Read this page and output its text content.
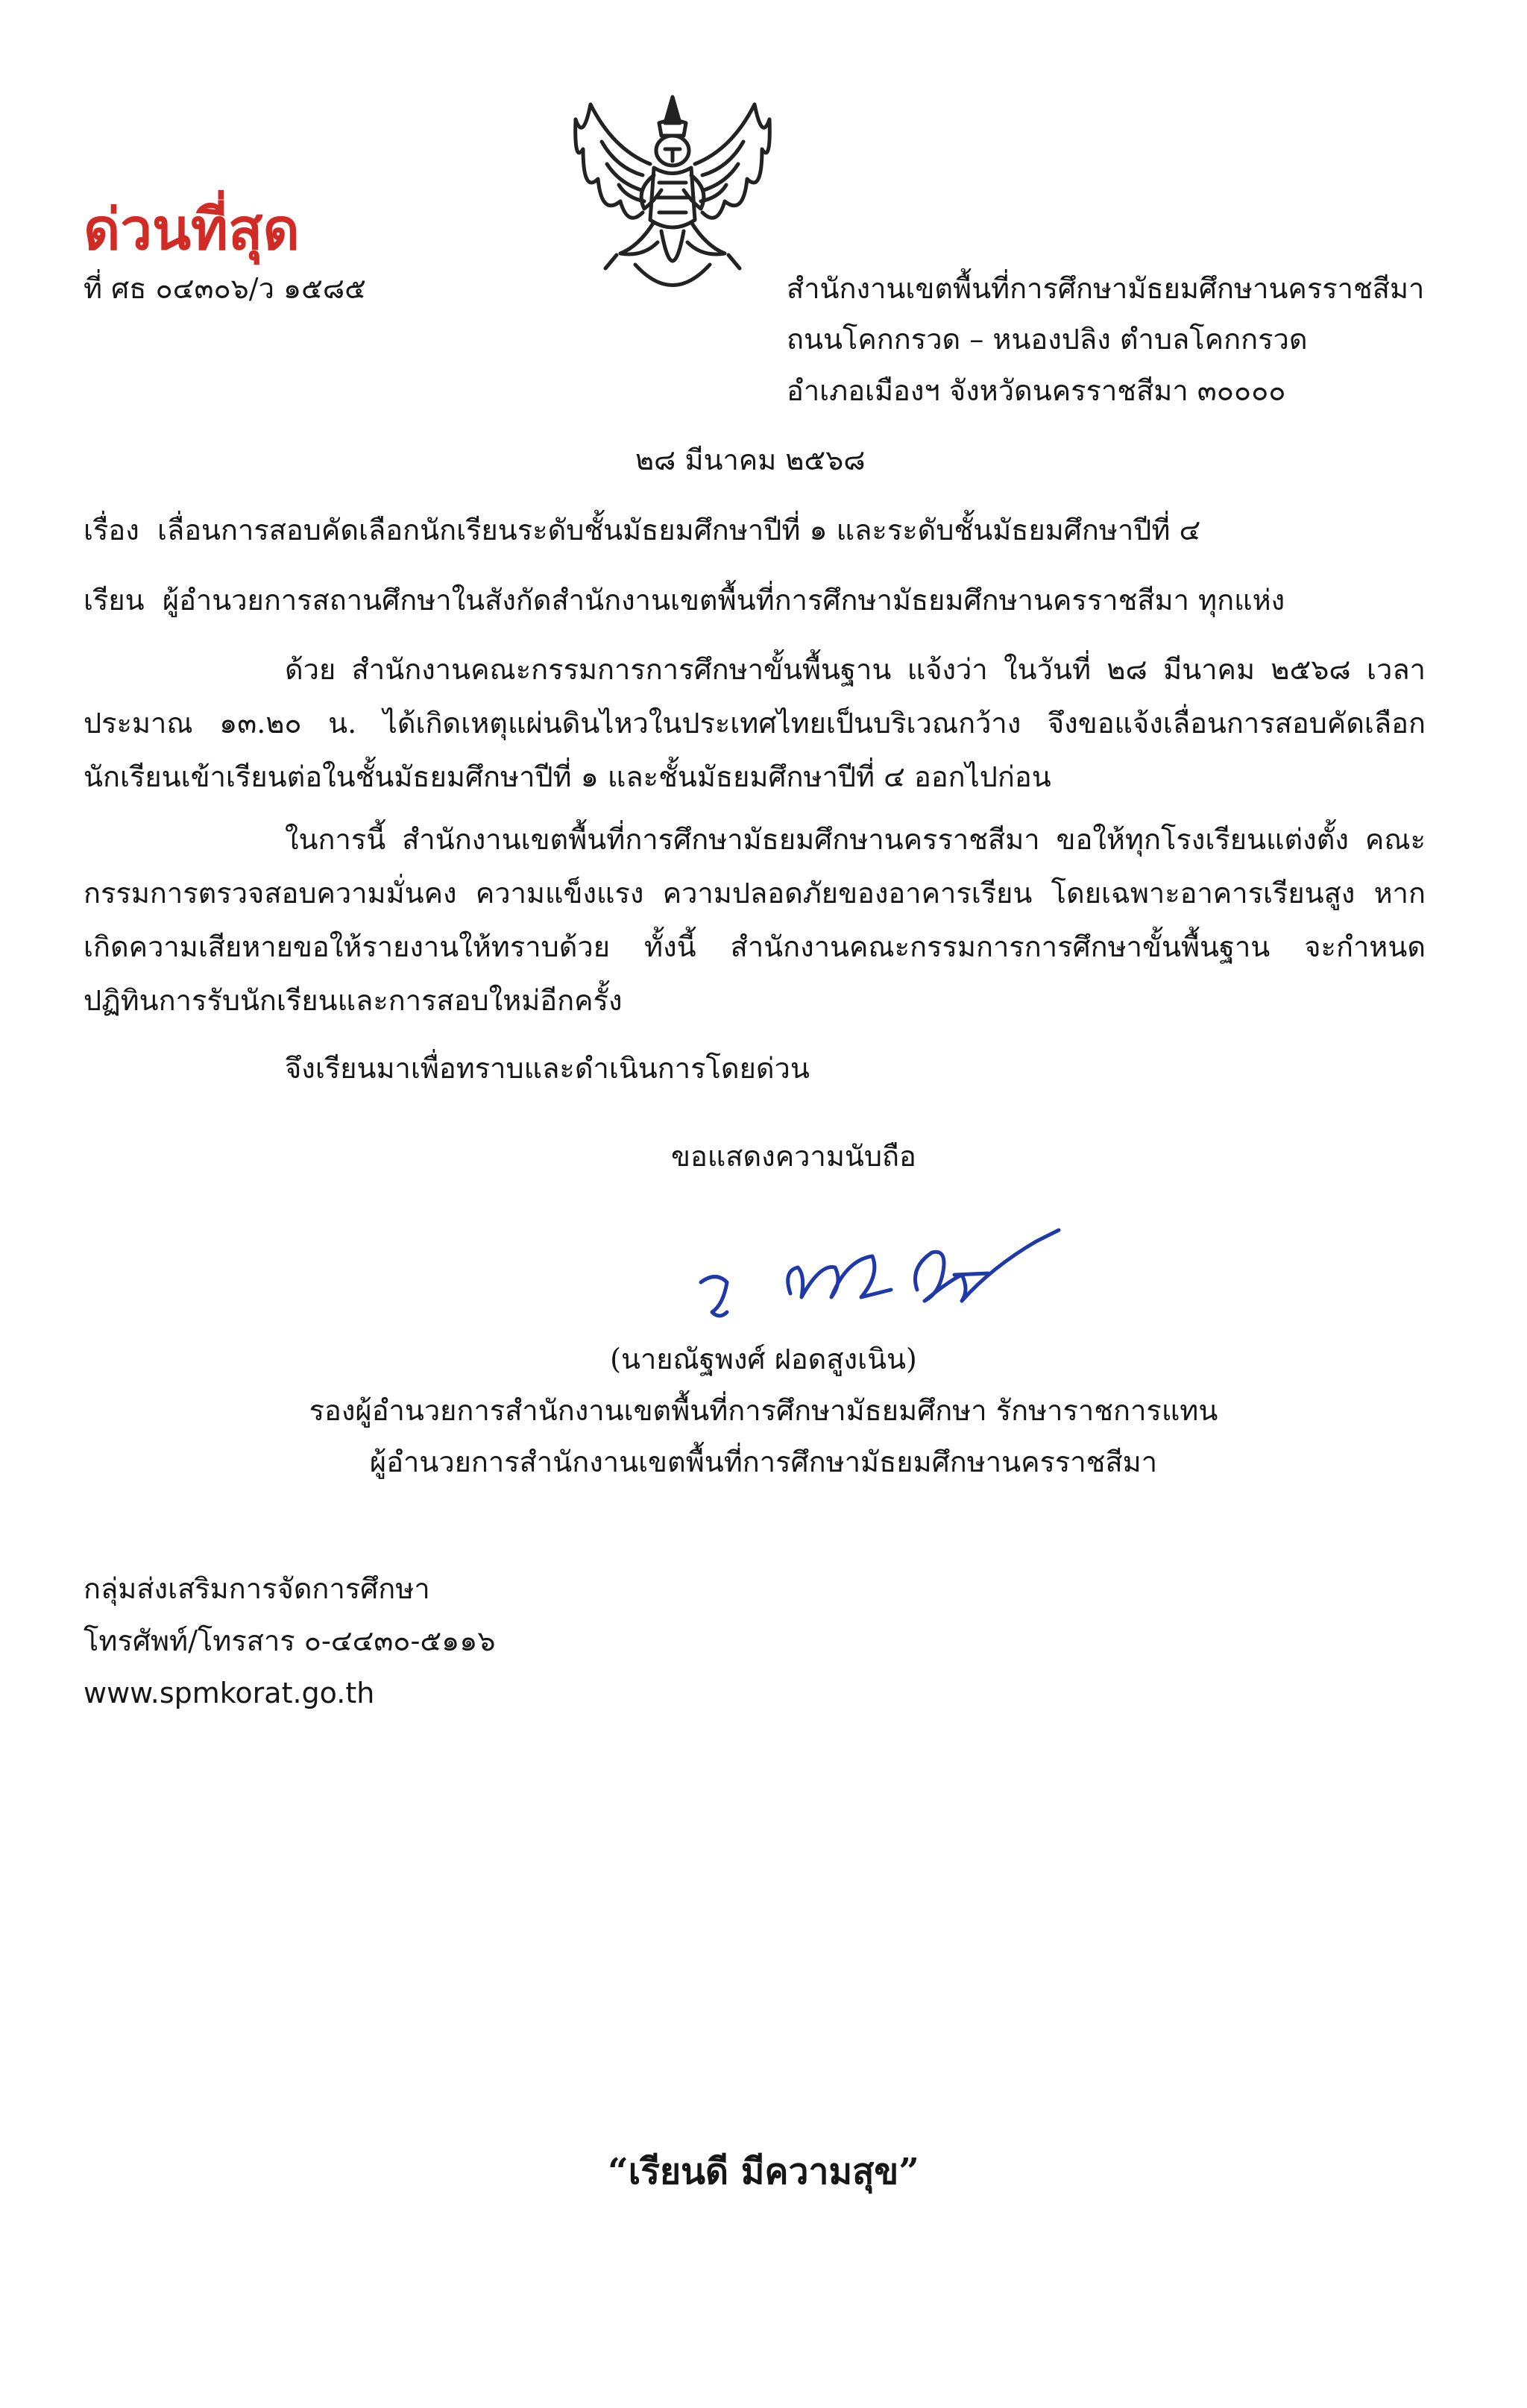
ด่วนที่สุด
ที่ ศธ ๐๔๓๐๖/ว ๑๕๘๕	สำนักงานเขตพื้นที่การศึกษามัธยมศึกษานครราชสีมา
ถนนโคกกรวด – หนองปลิง ตำบลโคกกรวด
อำเภอเมืองฯ จังหวัดนครราชสีมา ๓๐๐๐๐
๒๘ มีนาคม ๒๕๖๘
เรื่อง เลื่อนการสอบคัดเลือกนักเรียนระดับชั้นมัธยมศึกษาปีที่ ๑ และระดับชั้นมัธยมศึกษาปีที่ ๔
เรียน ผู้อำนวยการสถานศึกษาในสังกัดสำนักงานเขตพื้นที่การศึกษามัธยมศึกษานครราชสีมา ทุกแห่ง
ด้วย สำนักงานคณะกรรมการการศึกษาขั้นพื้นฐาน แจ้งว่า ในวันที่ ๒๘ มีนาคม ๒๕๖๘ เวลา ประมาณ ๑๓.๒๐ น. ได้เกิดเหตุแผ่นดินไหวในประเทศไทยเป็นบริเวณกว้าง จึงขอแจ้งเลื่อนการสอบคัดเลือก นักเรียนเข้าเรียนต่อในชั้นมัธยมศึกษาปีที่ ๑ และชั้นมัธยมศึกษาปีที่ ๔ ออกไปก่อน
ในการนี้ สำนักงานเขตพื้นที่การศึกษามัธยมศึกษานครราชสีมา ขอให้ทุกโรงเรียนแต่งตั้ง คณะกรรมการตรวจสอบความมั่นคง ความแข็งแรง ความปลอดภัยของอาคารเรียน โดยเฉพาะอาคารเรียนสูง หากเกิดความเสียหายขอให้รายงานให้ทราบด้วย ทั้งนี้ สำนักงานคณะกรรมการการศึกษาขั้นพื้นฐาน จะกำหนด ปฏิทินการรับนักเรียนและการสอบใหม่อีกครั้ง
จึงเรียนมาเพื่อทราบและดำเนินการโดยด่วน
ขอแสดงความนับถือ
(นายณัฐพงศ์ ฝอดสูงเนิน)
รองผู้อำนวยการสำนักงานเขตพื้นที่การศึกษามัธยมศึกษา รักษาราชการแทน
ผู้อำนวยการสำนักงานเขตพื้นที่การศึกษามัธยมศึกษานครราชสีมา
กลุ่มส่งเสริมการจัดการศึกษา
โทรศัพท์/โทรสาร ๐-๔๔๓๐-๕๑๑๖
www.spmkorat.go.th
“เรียนดี มีความสุข”
